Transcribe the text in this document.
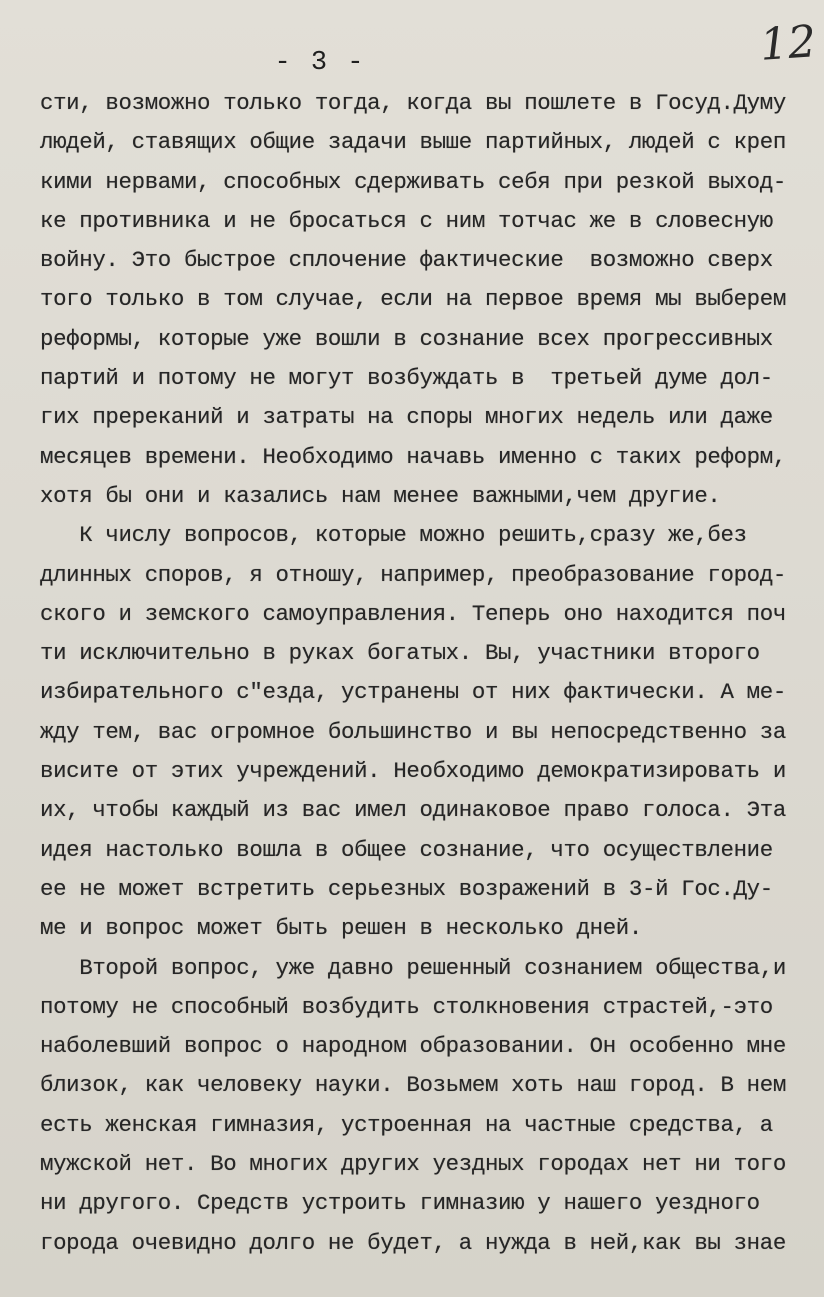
- 3 -	12
сти, возможно только тогда, когда вы пошлете в Госуд.Думу
людей, ставящих общие задачи выше партийных, людей с креп
кими нервами, способных сдерживать себя при резкой выход-
ке противника и не бросаться с ним тотчас же в словесную
войну. Это быстрое сплочение фактические  возможно сверх
того только в том случае, если на первое время мы выберем
реформы, которые уже вошли в сознание всех прогрессивных
партий и потому не могут возбуждать в  третьей думе дол-
гих пререканий и затраты на споры многих недель или даже
месяцев времени. Необходимо начавь именно с таких реформ,
хотя бы они и казались нам менее важными,чем другие.
К числу вопросов, которые можно решить,сразу же,без
длинных споров, я отношу, например, преобразование город-
ского и земского самоуправления. Теперь оно находится поч
ти исключительно в руках богатых. Вы, участники второго
избирательного с"езда, устранены от них фактически. А ме-
жду тем, вас огромное большинство и вы непосредственно за
висите от этих учреждений. Необходимо демократизировать и
их, чтобы каждый из вас имел одинаковое право голоса. Эта
идея настолько вошла в общее сознание, что осуществление
ее не может встретить серьезных возражений в 3-й Гос.Ду-
ме и вопрос может быть решен в несколько дней.
Второй вопрос, уже давно решенный сознанием общества,и
потому не способный возбудить столкновения страстей,-это
наболевший вопрос о народном образовании. Он особенно мне
близок, как человеку науки. Возьмем хоть наш город. В нем
есть женская гимназия, устроенная на частные средства, а
мужской нет. Во многих других уездных городах нет ни того
ни другого. Средств устроить гимназию у нашего уездного
города очевидно долго не будет, а нужда в ней,как вы знае
